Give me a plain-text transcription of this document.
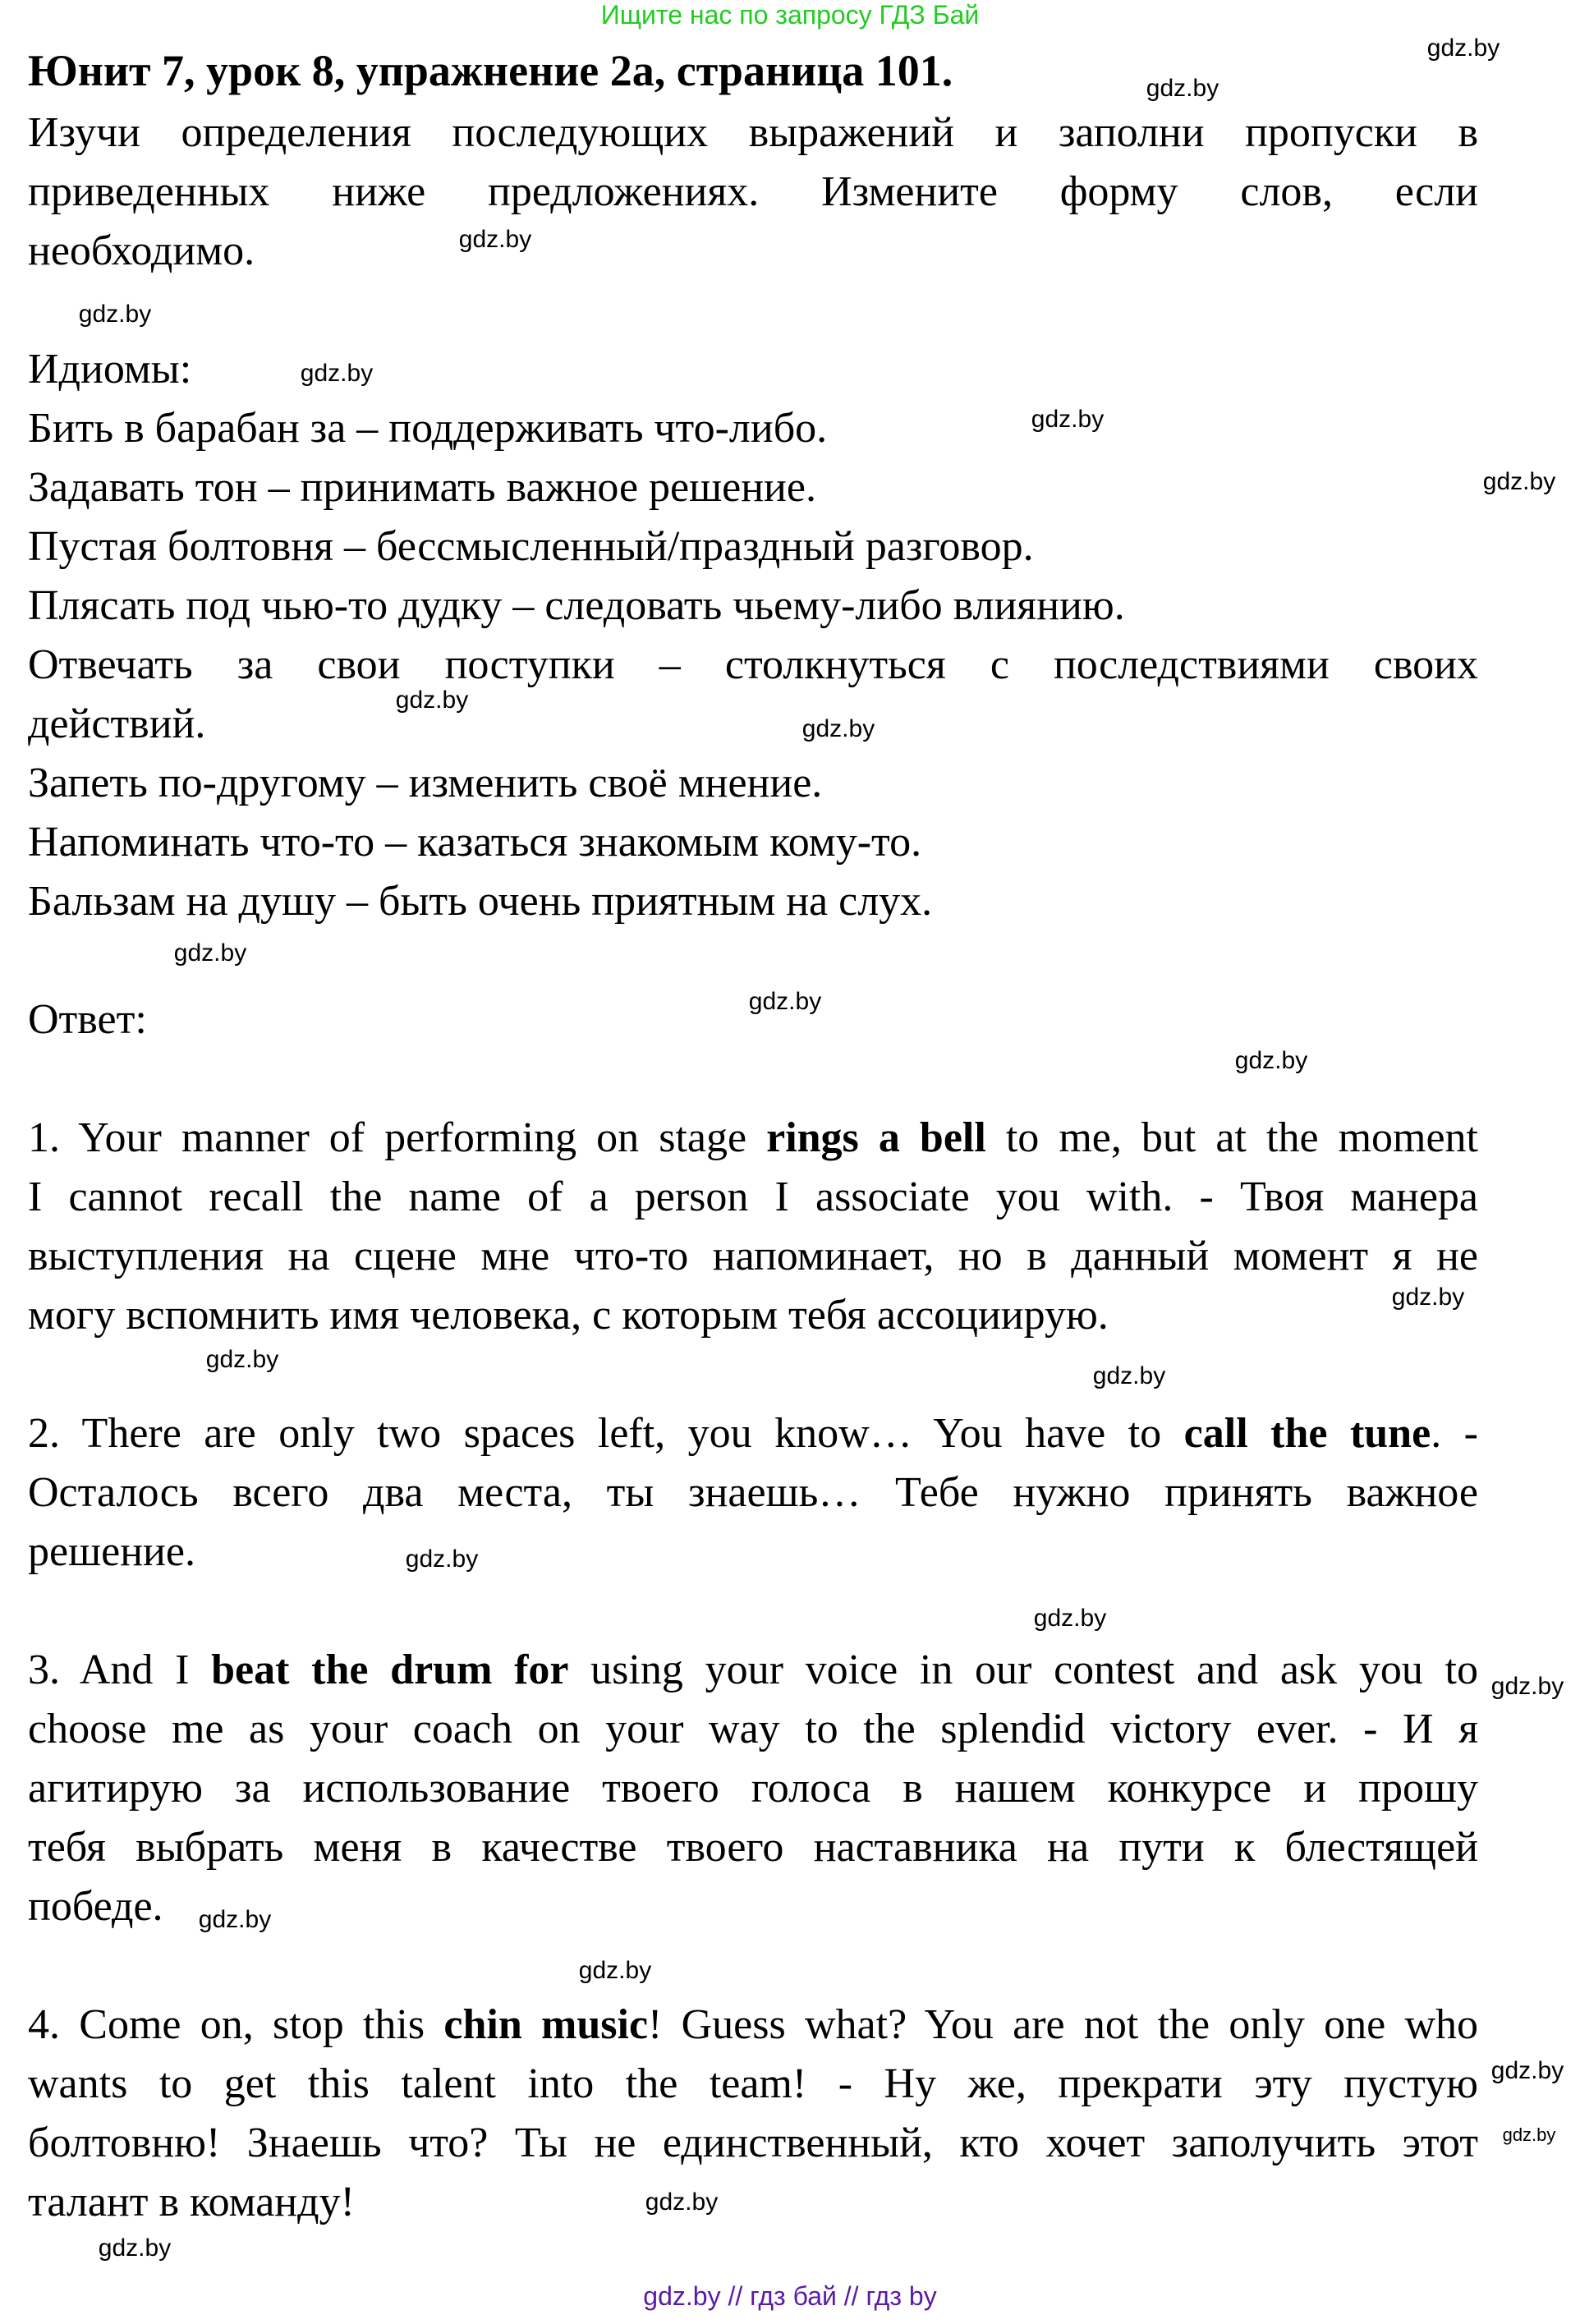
Ищите нас по запросу ГДЗ Бай
Юнит 7, урок 8, упражнение 2а, страница 101.
Изучи определения последующих выражений и заполни пропуски в
приведенных ниже предложениях. Измените форму слов, если
необходимо.
Идиомы:
Бить в барабан за – поддерживать что-либо.
Задавать тон – принимать важное решение.
Пустая болтовня – бессмысленный/праздный разговор.
Плясать под чью-то дудку – следовать чьему-либо влиянию.
Отвечать за свои поступки – столкнуться с последствиями своих
действий.
Запеть по-другому – изменить своё мнение.
Напоминать что-то – казаться знакомым кому-то.
Бальзам на душу – быть очень приятным на слух.
Ответ:
1. Your manner of performing on stage rings a bell to me, but at the moment
I cannot recall the name of a person I associate you with. - Твоя манера
выступления на сцене мне что-то напоминает, но в данный момент я не
могу вспомнить имя человека, с которым тебя ассоциирую.
2. There are only two spaces left, you know… You have to call the tune. -
Осталось всего два места, ты знаешь… Тебе нужно принять важное
решение.
3. And I beat the drum for using your voice in our contest and ask you to
choose me as your coach on your way to the splendid victory ever. - И я
агитирую за использование твоего голоса в нашем конкурсе и прошу
тебя выбрать меня в качестве твоего наставника на пути к блестящей
победе.
4. Come on, stop this chin music! Guess what? You are not the only one who
wants to get this talent into the team! - Ну же, прекрати эту пустую
болтовню! Знаешь что? Ты не единственный, кто хочет заполучить этот
талант в команду!
gdz.by
gdz.by
gdz.by
gdz.by
gdz.by
gdz.by
gdz.by
gdz.by
gdz.by
gdz.by
gdz.by
gdz.by
gdz.by
gdz.by
gdz.by
gdz.by
gdz.by
gdz.by
gdz.by
gdz.by
gdz.by
gdz.by
gdz.by
gdz.by
gdz.by // гдз бай // гдз by
